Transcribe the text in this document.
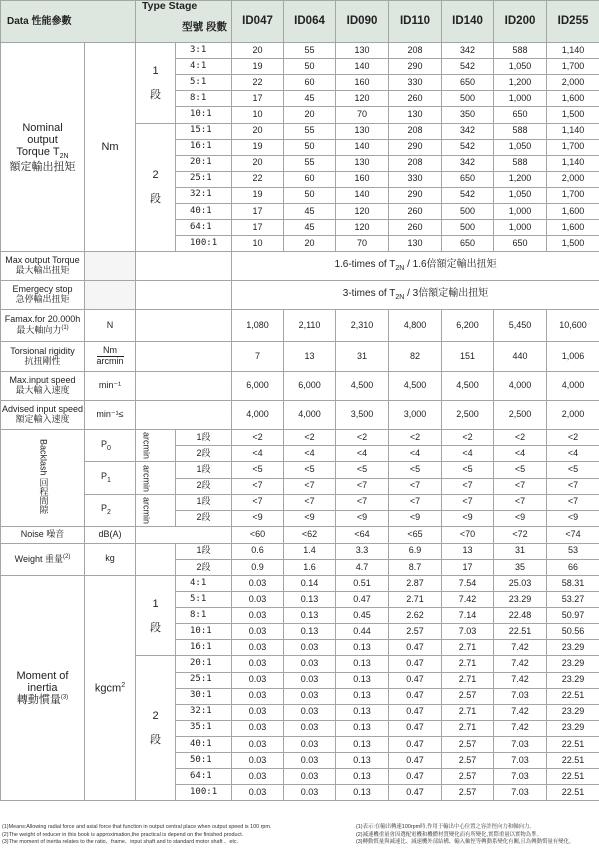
Data 性能參數		Type Stage			ID047	ID064	ID090	ID110	ID140	ID200	ID255
		型號 段數									
Nominal
output
Torque $T_{2N}$
額定輸出扭矩	Nm	1

段		3:1	20	55	130	208	342	588	1,140
				4:1	19	50	140	290	542	1,050	1,700
				5:1	22	60	160	330	650	1,200	2,000
				8:1	17	45	120	260	500	1,000	1,600
				10:1	10	20	70	130	350	650	1,500
		2

段		15:1	20	55	130	208	342	588	1,140
				16:1	19	50	140	290	542	1,050	1,700
				20:1	20	55	130	208	342	588	1,140
				25:1	22	60	160	330	650	1,200	2,000
				32:1	19	50	140	290	542	1,050	1,700
				40:1	17	45	120	260	500	1,000	1,600
				64:1	17	45	120	260	500	1,000	1,600
				100:1	10	20	70	130	650	650	1,500
Max output Torque
最大輸出扭矩					1.6-times of $T_{2N} / 1.6$倍額定輸出扭矩						
Emergecy stop
急停輸出扭矩					3-times of $T_{2N} / 3$倍額定輸出扭矩						
Famax.for 20.000h
最大軸向力$^{(1)}$	N				1,080	2,110	2,310	4,800	6,200	5,450	10,600
Torsional rigidity
抗扭剛性	$\frac{Nm}{\text{arcmin}}$				7	13	31	82	151	440	1,006
Max.input speed
最大輸入速度	min⁻¹				6,000	6,000	4,500	4,500	4,500	4,000	4,000
Advised input speed
額定輸入速度	min⁻¹≤				4,000	4,000	3,500	3,000	2,500	2,500	2,000
Backlash 回程間隙	$P_0$	arcmin		1段	<2	<2	<2	<2	<2	<2	<2
				2段	<4	<4	<4	<4	<4	<4	<4
	$P_1$	arcmin		1段	<5	<5	<5	<5	<5	<5	<5
				2段	<7	<7	<7	<7	<7	<7	<7
	$P_2$	arcmin		1段	<7	<7	<7	<7	<7	<7	<7
				2段	<9	<9	<9	<9	<9	<9	<9
Noise 噪音	dB(A)				<60	<62	<64	<65	<70	<72	<74
Weight 重量$^{(2)}$	kg			1段	0.6	1.4	3.3	6.9	13	31	53
				2段	0.9	1.6	4.7	8.7	17	35	66
Moment of
inertia
轉動慣量$^{(3)}$	kgcm$^2$	1

段		4:1	0.03	0.14	0.51	2.87	7.54	25.03	58.31
				5:1	0.03	0.13	0.47	2.71	7.42	23.29	53.27
				8:1	0.03	0.13	0.45	2.62	7.14	22.48	50.97
				10:1	0.03	0.13	0.44	2.57	7.03	22.51	50.56
				16:1	0.03	0.03	0.13	0.47	2.71	7.42	23.29
		2

段		20:1	0.03	0.03	0.13	0.47	2.71	7.42	23.29
				25:1	0.03	0.03	0.13	0.47	2.71	7.42	23.29
				30:1	0.03	0.03	0.13	0.47	2.57	7.03	22.51
				32:1	0.03	0.03	0.13	0.47	2.71	7.42	23.29
				35:1	0.03	0.03	0.13	0.47	2.71	7.42	23.29
				40:1	0.03	0.03	0.13	0.47	2.57	7.03	22.51
				50:1	0.03	0.03	0.13	0.47	2.57	7.03	22.51
				64:1	0.03	0.03	0.13	0.47	2.57	7.03	22.51
				100:1	0.03	0.03	0.13	0.47	2.57	7.03	22.51

(1)Means:Allowing radial force and axial force that function in output central place when output speed is 100 rpm.

(2)The weight of reducer in this book is approximation,the practical is depend on the finished product.

(3)The moment of inertia relates to the ratio、frame、input shaft and to standard motor shaft 、etc.

(1)表示:在輸出轉速100rpm時,作用于輸出中心位置之容許徑向力和軸向力。

(2)減速機重量會因選配電機和機體材質變化而有所變化,實際重量以實物為準。

(3)轉動慣量與減速比、減速機外部結構、輸入軸徑等轉動系變化有關,且為轉動慣量有變化。
